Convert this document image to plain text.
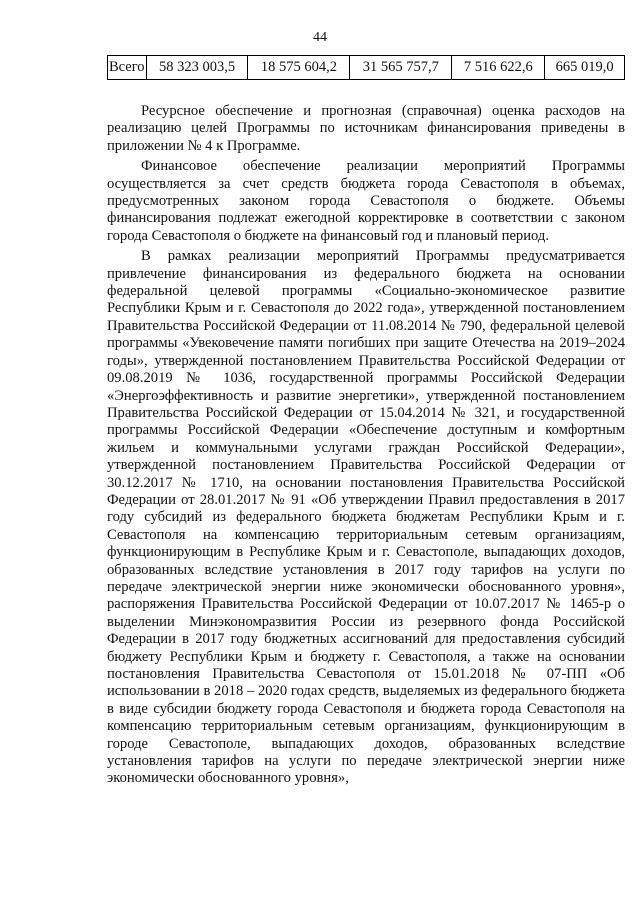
44
Всего	58 323 003,5	18 575 604,2	31 565 757,7	7 516 622,6	665 019,0

Ресурсное обеспечение и прогнозная (справочная) оценка расходов на реализацию целей Программы по источникам финансирования приведены в приложении № 4 к Программе.

Финансовое обеспечение реализации мероприятий Программы осуществляется за счет средств бюджета города Севастополя в объемах, предусмотренных законом города Севастополя о бюджете. Объемы финансирования подлежат ежегодной корректировке в соответствии с законом города Севастополя о бюджете на финансовый год и плановый период.

В рамках реализации мероприятий Программы предусматривается привлечение финансирования из федерального бюджета на основании федеральной целевой программы «Социально-экономическое развитие Республики Крым и г. Севастополя до 2022 года», утвержденной постановлением Правительства Российской Федерации от 11.08.2014 № 790, федеральной целевой программы «Увековечение памяти погибших при защите Отечества на 2019–2024 годы», утвержденной постановлением Правительства Российской Федерации от 09.08.2019 № 1036, государственной программы Российской Федерации «Энергоэффективность и развитие энергетики», утвержденной постановлением Правительства Российской Федерации от 15.04.2014 № 321, и государственной программы Российской Федерации «Обеспечение доступным и комфортным жильем и коммунальными услугами граждан Российской Федерации», утвержденной постановлением Правительства Российской Федерации от 30.12.2017 № 1710, на основании постановления Правительства Российской Федерации от 28.01.2017 № 91 «Об утверждении Правил предоставления в 2017 году субсидий из федерального бюджета бюджетам Республики Крым и г. Севастополя на компенсацию территориальным сетевым организациям, функционирующим в Республике Крым и г. Севастополе, выпадающих доходов, образованных вследствие установления в 2017 году тарифов на услуги по передаче электрической энергии ниже экономически обоснованного уровня», распоряжения Правительства Российской Федерации от 10.07.2017 № 1465-р о выделении Минэкономразвития России из резервного фонда Российской Федерации в 2017 году бюджетных ассигнований для предоставления субсидий бюджету Республики Крым и бюджету г. Севастополя, а также на основании постановления Правительства Севастополя от 15.01.2018 № 07-ПП «Об использовании в 2018 – 2020 годах средств, выделяемых из федерального бюджета в виде субсидии бюджету города Севастополя и бюджета города Севастополя на компенсацию территориальным сетевым организациям, функционирующим в городе Севастополе, выпадающих доходов, образованных вследствие установления тарифов на услуги по передаче электрической энергии ниже экономически обоснованного уровня»,
